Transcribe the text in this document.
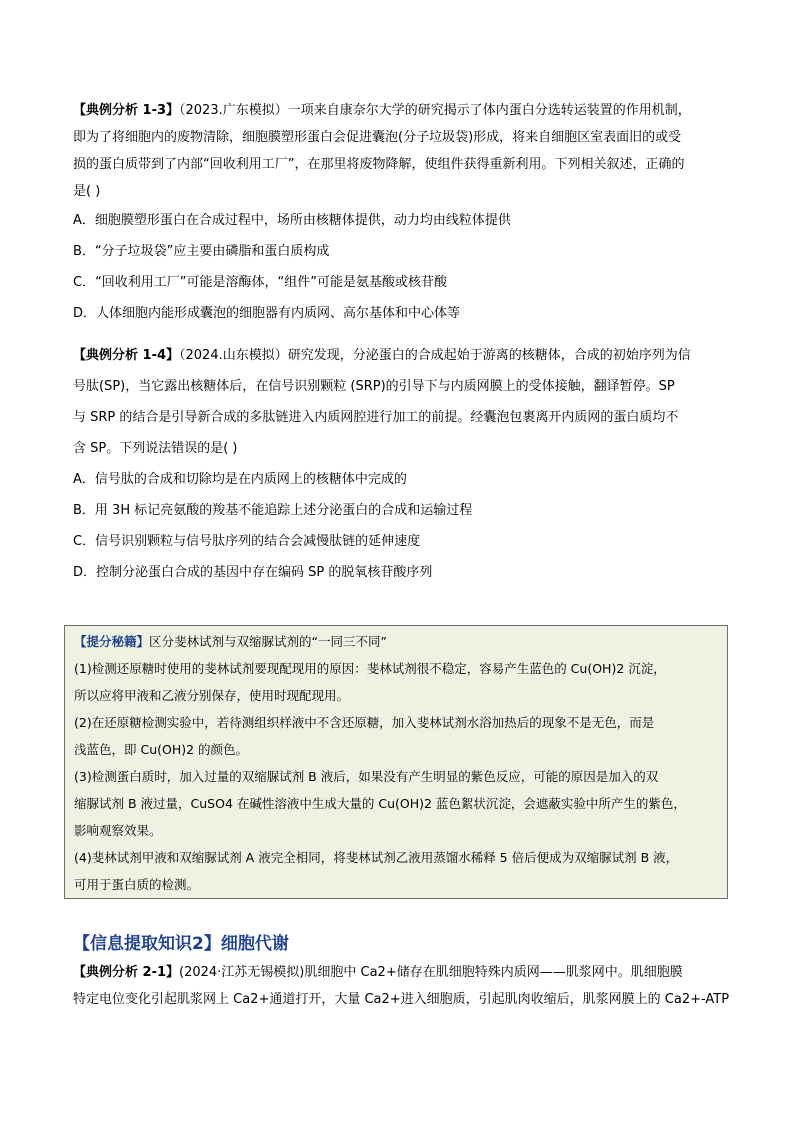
【典例分析 1-3】（2023.广东模拟）一项来自康奈尔大学的研究揭示了体内蛋白分选转运装置的作用机制，
即为了将细胞内的废物清除，细胞膜塑形蛋白会促进囊泡(分子垃圾袋)形成，将来自细胞区室表面旧的或受
损的蛋白质带到了内部“回收利用工厂”，在那里将废物降解，使组件获得重新利用。下列相关叙述，正确的
是( )
A．细胞膜塑形蛋白在合成过程中，场所由核糖体提供，动力均由线粒体提供
B．“分子垃圾袋”应主要由磷脂和蛋白质构成
C．“回收利用工厂”可能是溶酶体，“组件”可能是氨基酸或核苷酸
D．人体细胞内能形成囊泡的细胞器有内质网、高尔基体和中心体等
【典例分析 1-4】（2024.山东模拟）研究发现，分泌蛋白的合成起始于游离的核糖体，合成的初始序列为信
号肽(SP)，当它露出核糖体后，在信号识别颗粒 (SRP)的引导下与内质网膜上的受体接触，翻译暂停。SP
与 SRP 的结合是引导新合成的多肽链进入内质网腔进行加工的前提。经囊泡包裹离开内质网的蛋白质均不
含 SP。下列说法错误的是( )
A．信号肽的合成和切除均是在内质网上的核糖体中完成的
B．用 3H 标记亮氨酸的羧基不能追踪上述分泌蛋白的合成和运输过程
C．信号识别颗粒与信号肽序列的结合会减慢肽链的延伸速度
D．控制分泌蛋白合成的基因中存在编码 SP 的脱氧核苷酸序列
【提分秘籍】区分斐林试剂与双缩脲试剂的“一同三不同”
(1)检测还原糖时使用的斐林试剂要现配现用的原因：斐林试剂很不稳定，容易产生蓝色的 Cu(OH)2 沉淀，
所以应将甲液和乙液分别保存，使用时现配现用。
(2)在还原糖检测实验中，若待测组织样液中不含还原糖，加入斐林试剂水浴加热后的现象不是无色，而是
浅蓝色，即 Cu(OH)2 的颜色。
(3)检测蛋白质时，加入过量的双缩脲试剂 B 液后，如果没有产生明显的紫色反应，可能的原因是加入的双
缩脲试剂 B 液过量，CuSO4 在碱性溶液中生成大量的 Cu(OH)2 蓝色絮状沉淀，会遮蔽实验中所产生的紫色，
影响观察效果。
(4)斐林试剂甲液和双缩脲试剂 A 液完全相同，将斐林试剂乙液用蒸馏水稀释 5 倍后便成为双缩脲试剂 B 液，
可用于蛋白质的检测。
【信息提取知识2】细胞代谢
【典例分析 2-1】(2024·江苏无锡模拟)肌细胞中 Ca2+储存在肌细胞特殊内质网——肌浆网中。肌细胞膜
特定电位变化引起肌浆网上 Ca2+通道打开，大量 Ca2+进入细胞质，引起肌肉收缩后，肌浆网膜上的 Ca2+-ATP
